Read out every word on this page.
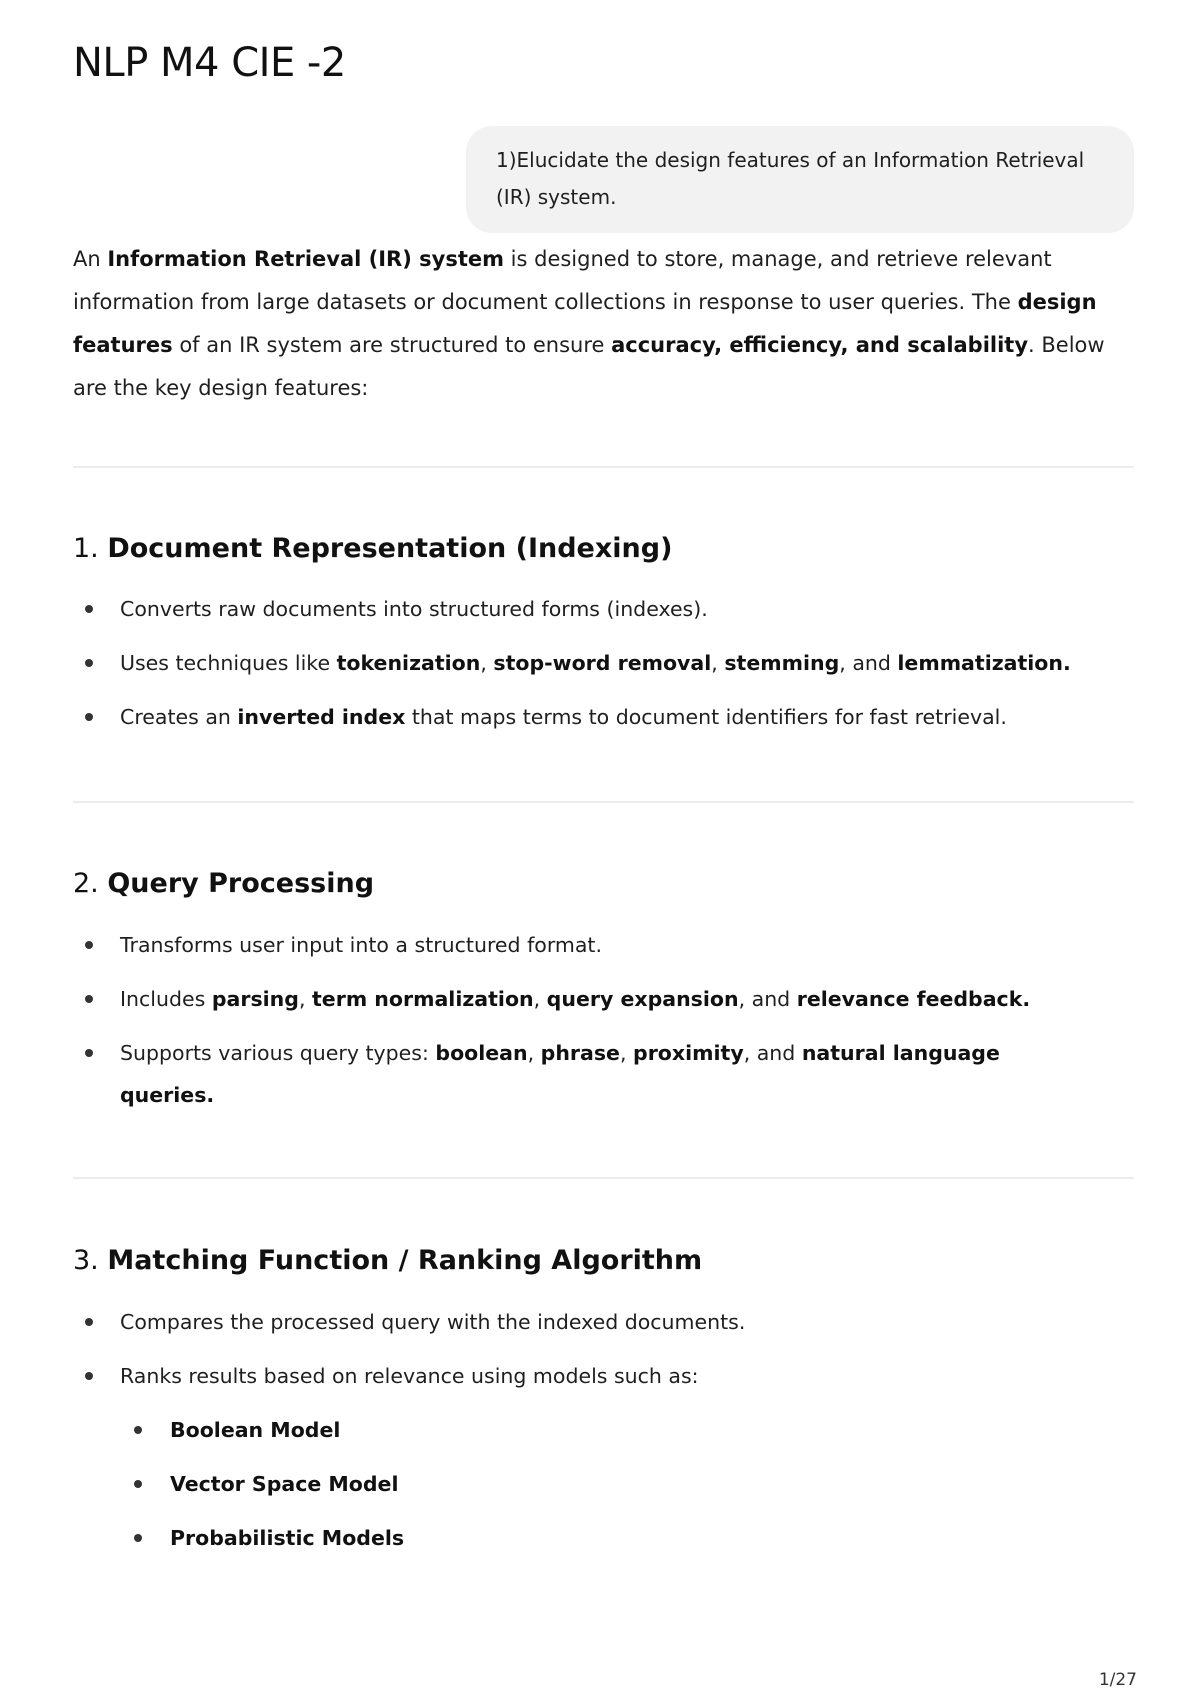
NLP M4 CIE -2
1)Elucidate the design features of an Information Retrieval (IR) system.

An Information Retrieval (IR) system is designed to store, manage, and retrieve relevant information from large datasets or document collections in response to user queries. The design features of an IR system are structured to ensure accuracy, efficiency, and scalability. Below are the key design features:

1. Document Representation (Indexing)
Converts raw documents into structured forms (indexes).
Uses techniques like tokenization, stop-word removal, stemming, and lemmatization.
Creates an inverted index that maps terms to document identifiers for fast retrieval.
2. Query Processing
Transforms user input into a structured format.
Includes parsing, term normalization, query expansion, and relevance feedback.
Supports various query types: boolean, phrase, proximity, and natural language queries.
3. Matching Function / Ranking Algorithm
Compares the processed query with the indexed documents.
Ranks results based on relevance using models such as:
Boolean Model
Vector Space Model
Probabilistic Models
1/27
